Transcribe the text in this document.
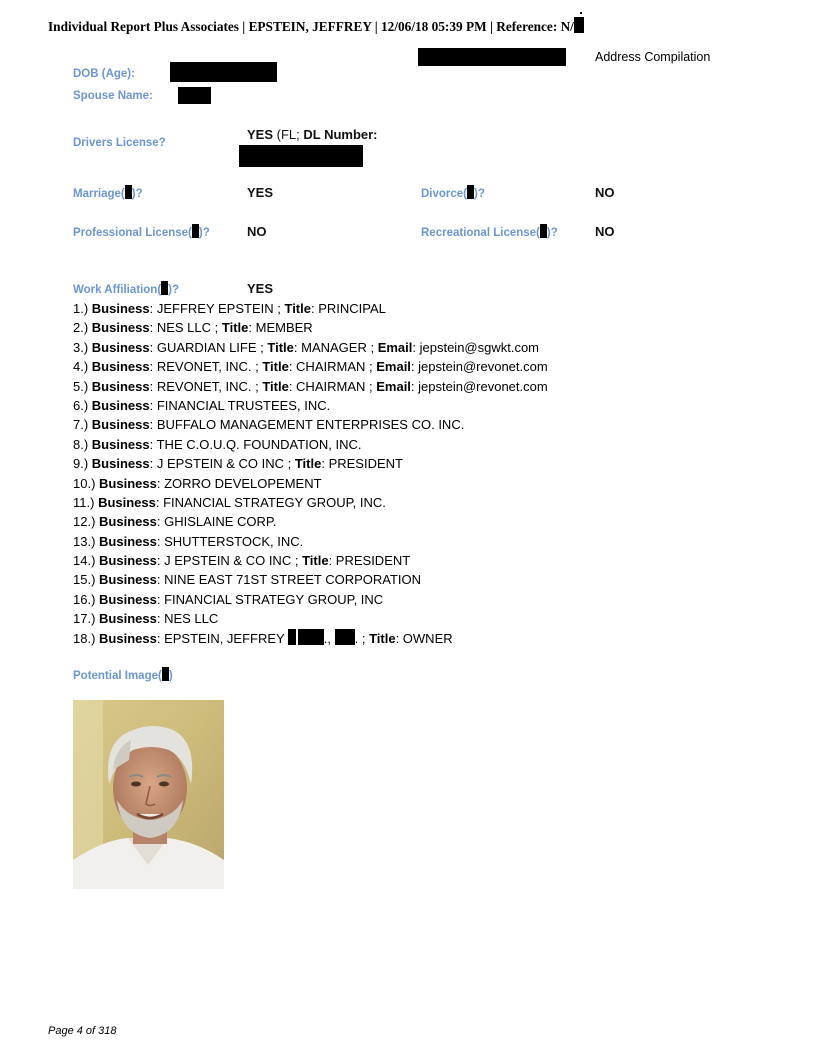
Individual Report Plus Associates | EPSTEIN, JEFFREY | 12/06/18 05:39 PM | Reference: N/
Address Compilation
DOB (Age):
Spouse Name:
Drivers License?
YES (FL; DL Number:
Marriage( )?	YES	Divorce( )?	NO
Professional License( )?	NO	Recreational License( )?	NO
Work Affiliation( )?	YES
1.) Business: JEFFREY EPSTEIN ; Title: PRINCIPAL
2.) Business: NES LLC ; Title: MEMBER
3.) Business: GUARDIAN LIFE ; Title: MANAGER ; Email: jepstein@sgwkt.com
4.) Business: REVONET, INC. ; Title: CHAIRMAN ; Email: jepstein@revonet.com
5.) Business: REVONET, INC. ; Title: CHAIRMAN ; Email: jepstein@revonet.com
6.) Business: FINANCIAL TRUSTEES, INC.
7.) Business: BUFFALO MANAGEMENT ENTERPRISES CO. INC.
8.) Business: THE C.O.U.Q. FOUNDATION, INC.
9.) Business: J EPSTEIN & CO INC ; Title: PRESIDENT
10.) Business: ZORRO DEVELOPEMENT
11.) Business: FINANCIAL STRATEGY GROUP, INC.
12.) Business: GHISLAINE CORP.
13.) Business: SHUTTERSTOCK, INC.
14.) Business: J EPSTEIN & CO INC ; Title: PRESIDENT
15.) Business: NINE EAST 71ST STREET CORPORATION
16.) Business: FINANCIAL STRATEGY GROUP, INC
17.) Business: NES LLC
18.) Business: EPSTEIN, JEFFREY	., . ; Title: OWNER
Potential Image( )
Page 4 of 318
